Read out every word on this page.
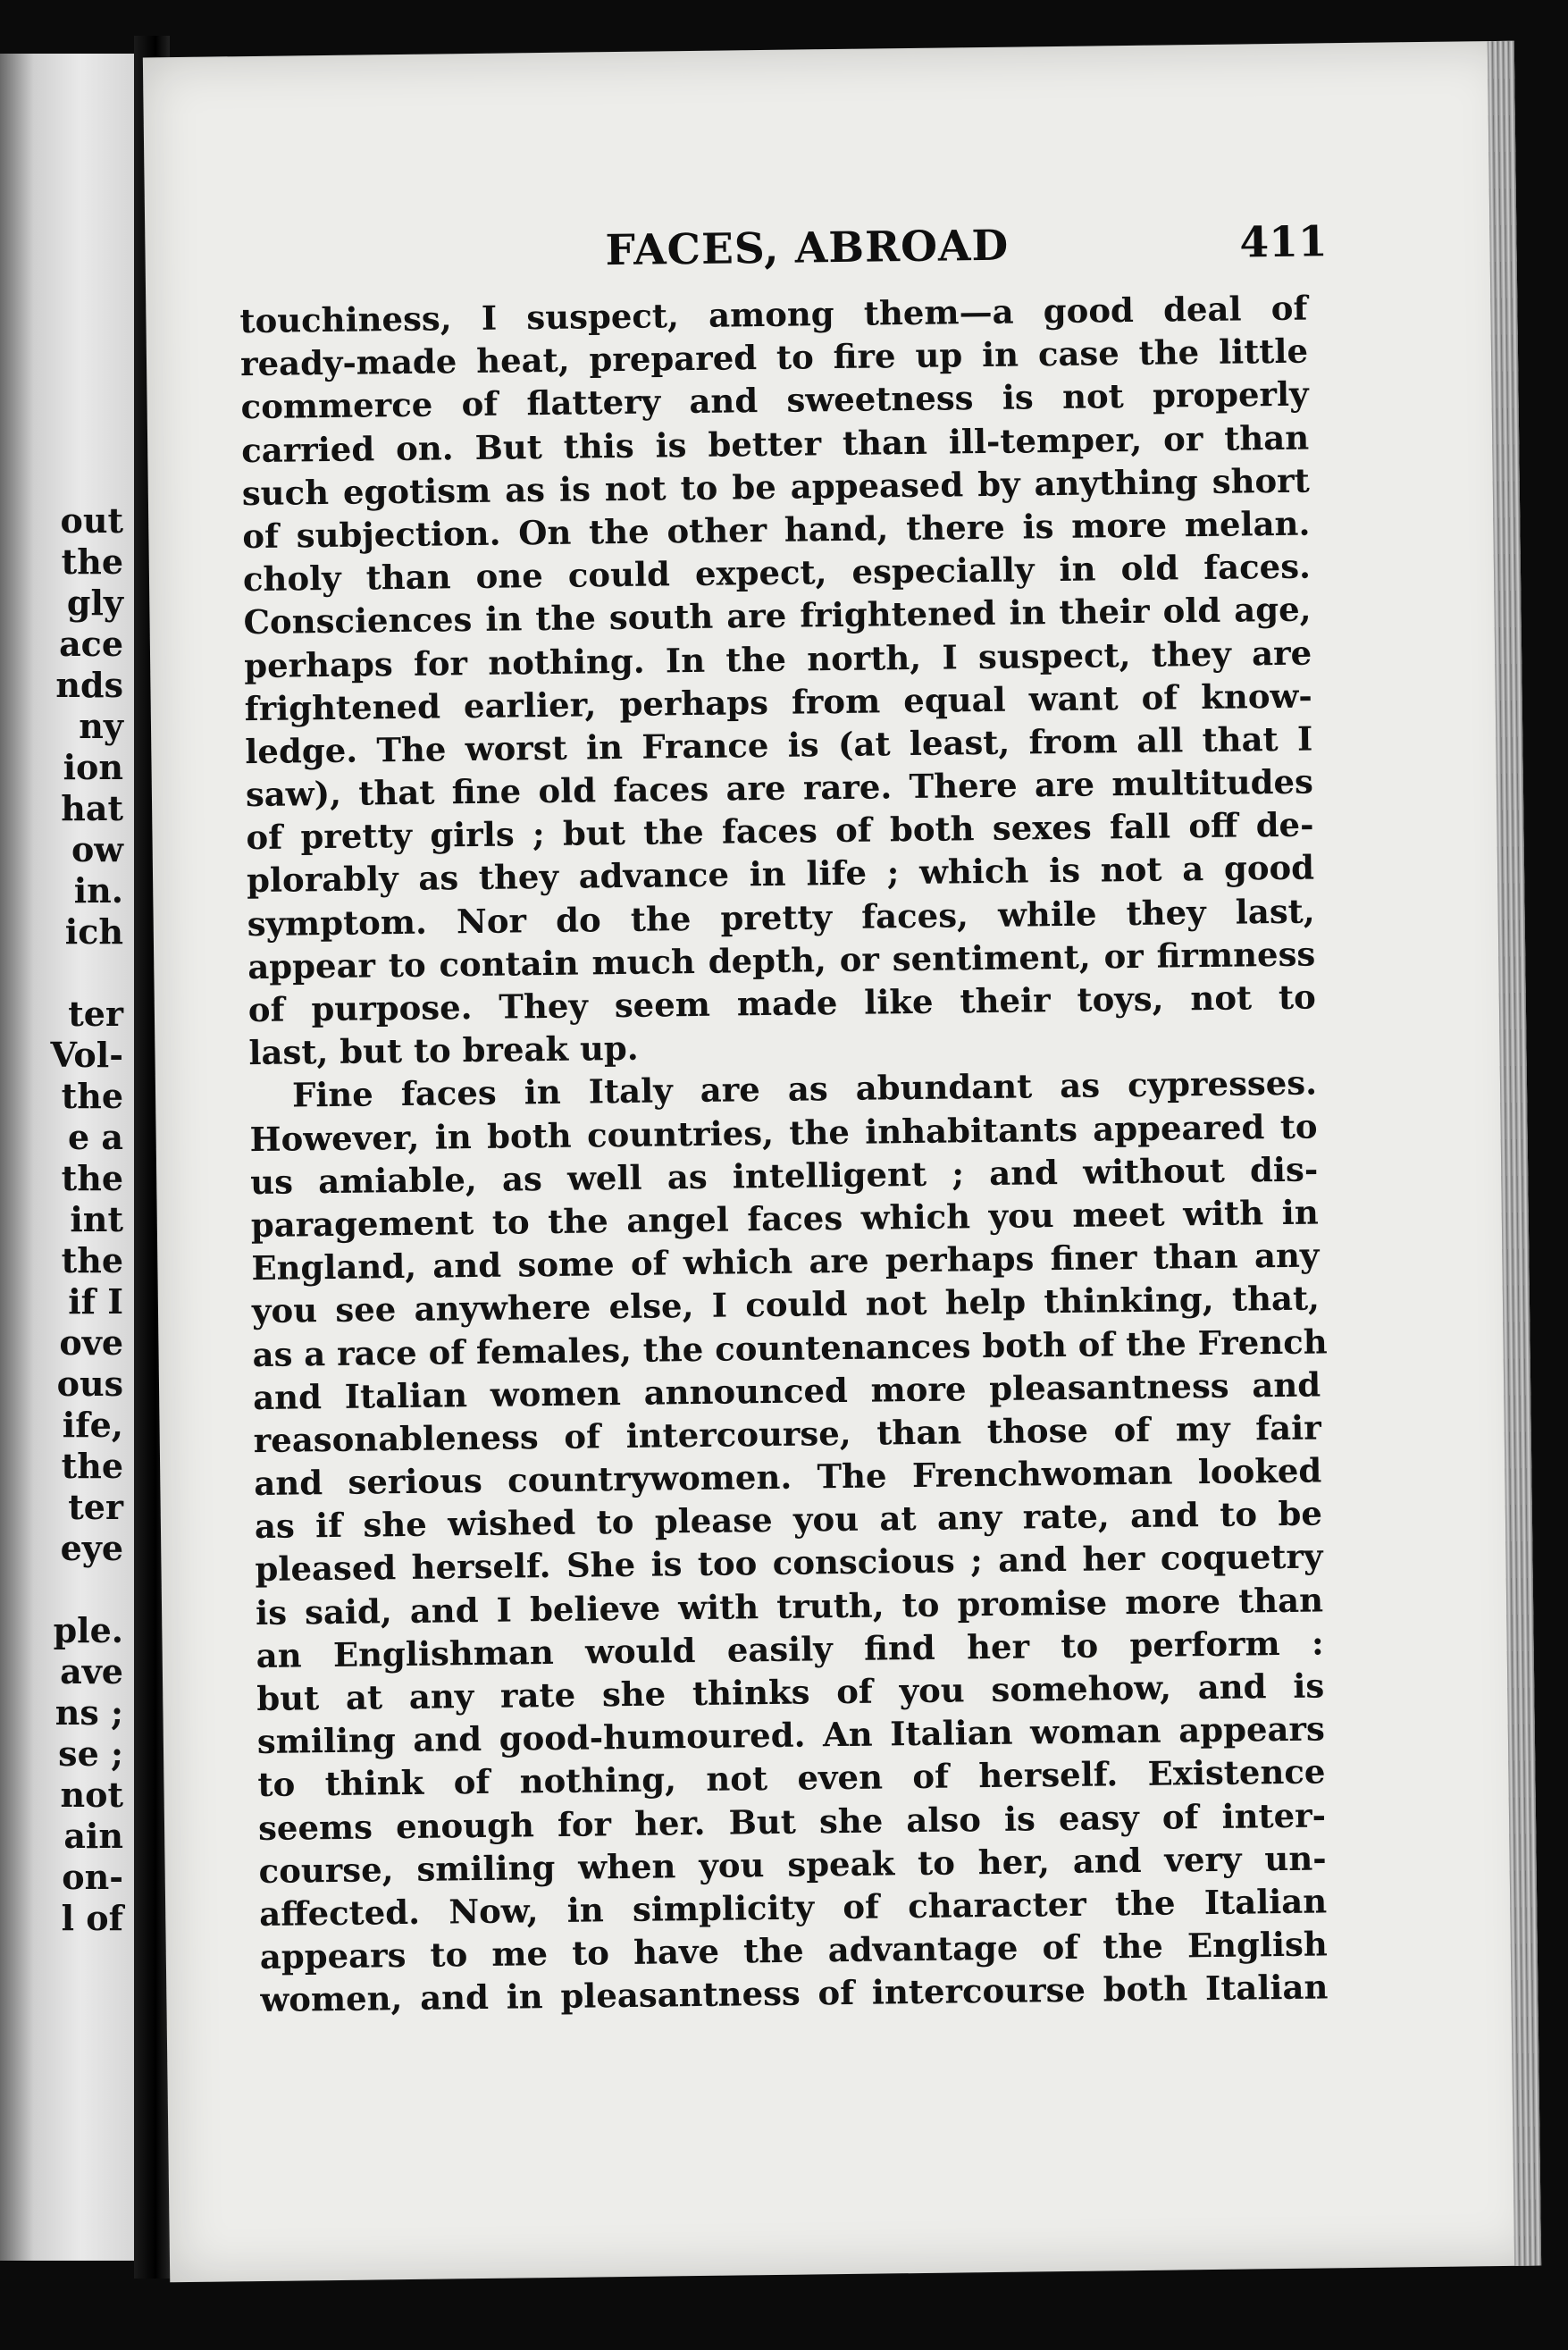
out
the
gly
ace
nds
ny
ion
hat
ow
in.
ich
ter
Vol-
the
e a
the
int
the
if I
ove
ous
ife,
the
ter
eye
ple.
ave
ns ;
se ;
not
ain
on-
l of
FACES, ABROAD	411
touchiness, I suspect, among them—a good deal of
ready-made heat, prepared to fire up in case the little
commerce of flattery and sweetness is not properly
carried on. But this is better than ill-temper, or than
such egotism as is not to be appeased by anything short
of subjection. On the other hand, there is more melan.
choly than one could expect, especially in old faces.
Consciences in the south are frightened in their old age,
perhaps for nothing. In the north, I suspect, they are
frightened earlier, perhaps from equal want of know-
ledge. The worst in France is (at least, from all that I
saw), that fine old faces are rare. There are multitudes
of pretty girls ; but the faces of both sexes fall off de-
plorably as they advance in life ; which is not a good
symptom. Nor do the pretty faces, while they last,
appear to contain much depth, or sentiment, or firmness
of purpose. They seem made like their toys, not to
last, but to break up.
Fine faces in Italy are as abundant as cypresses.
However, in both countries, the inhabitants appeared to
us amiable, as well as intelligent ; and without dis-
paragement to the angel faces which you meet with in
England, and some of which are perhaps finer than any
you see anywhere else, I could not help thinking, that,
as a race of females, the countenances both of the French
and Italian women announced more pleasantness and
reasonableness of intercourse, than those of my fair
and serious countrywomen. The Frenchwoman looked
as if she wished to please you at any rate, and to be
pleased herself. She is too conscious ; and her coquetry
is said, and I believe with truth, to promise more than
an Englishman would easily find her to perform :
but at any rate she thinks of you somehow, and is
smiling and good-humoured. An Italian woman appears
to think of nothing, not even of herself. Existence
seems enough for her. But she also is easy of inter-
course, smiling when you speak to her, and very un-
affected. Now, in simplicity of character the Italian
appears to me to have the advantage of the English
women, and in pleasantness of intercourse both Italian
